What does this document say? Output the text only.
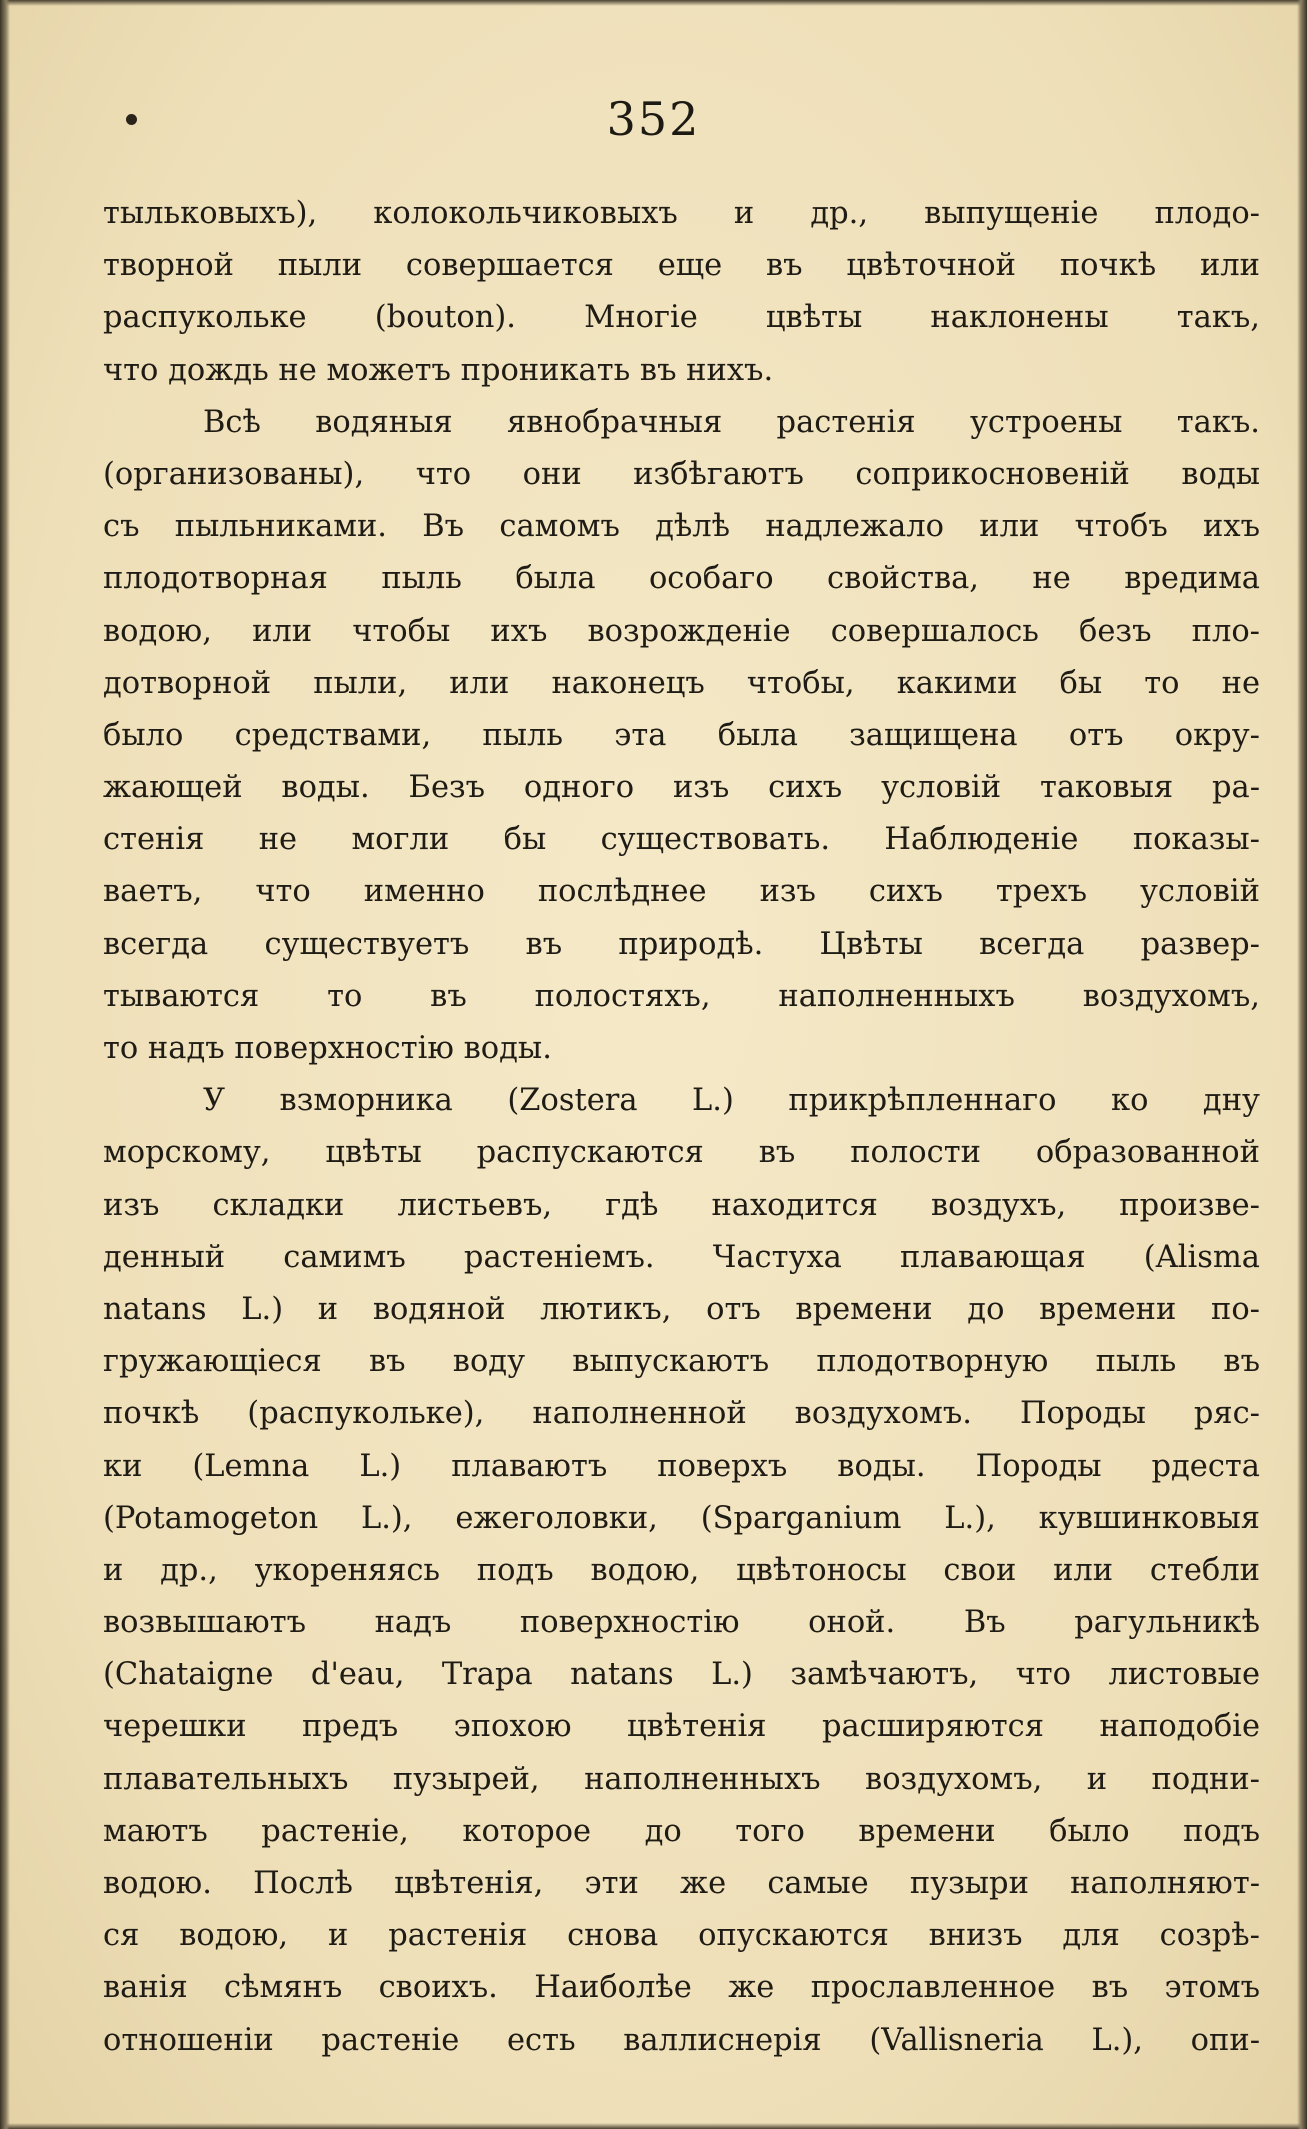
352
тыльковыхъ), колокольчиковыхъ и др., выпущенiе плодо-
творной пыли совершается еще въ цвѣточной почкѣ или
распукольке (bouton). Многiе цвѣты наклонены такъ,
что дождь не можетъ проникать въ нихъ.
Всѣ водяныя явнобрачныя растенiя устроены такъ.
(организованы), что они избѣгаютъ соприкосновенiй воды
съ пыльниками. Въ самомъ дѣлѣ надлежало или чтобъ ихъ
плодотворная пыль была особаго свойства, не вредима
водою, или чтобы ихъ возрожденiе совершалось безъ пло-
дотворной пыли, или наконецъ чтобы, какими бы то не
было средствами, пыль эта была защищена отъ окру-
жающей воды. Безъ одного изъ сихъ условiй таковыя ра-
стенiя не могли бы существовать. Наблюденiе показы-
ваетъ, что именно послѣднее изъ сихъ трехъ условiй
всегда существуетъ въ природѣ. Цвѣты всегда развер-
тываются то въ полостяхъ, наполненныхъ воздухомъ,
то надъ поверхностiю воды.
У взморника (Zostera L.) прикрѣпленнаго ко дну
морскому, цвѣты распускаются въ полости образованной
изъ складки листьевъ, гдѣ находится воздухъ, произве-
денный самимъ растенiемъ. Частуха плавающая (Alisma
natans L.) и водяной лютикъ, отъ времени до времени по-
гружающiеся въ воду выпускаютъ плодотворную пыль въ
почкѣ (распукольке), наполненной воздухомъ. Породы ряс-
ки (Lemna L.) плаваютъ поверхъ воды. Породы рдеста
(Potamogeton L.), ежеголовки, (Sparganium L.), кувшинковыя
и др., укореняясь подъ водою, цвѣтоносы свои или стебли
возвышаютъ надъ поверхностiю оной. Въ рагульникѣ
(Chataigne d'eau, Trapa natans L.) замѣчаютъ, что листовые
черешки предъ эпохою цвѣтенiя расширяются наподобiе
плавательныхъ пузырей, наполненныхъ воздухомъ, и подни-
маютъ растенiе, которое до того времени было подъ
водою. Послѣ цвѣтенiя, эти же самые пузыри наполняют-
ся водою, и растенiя снова опускаются внизъ для созрѣ-
ванiя сѣмянъ своихъ. Наиболѣе же прославленное въ этомъ
отношенiи растенiе есть валлиснерiя (Vallisneria L.), опи-
